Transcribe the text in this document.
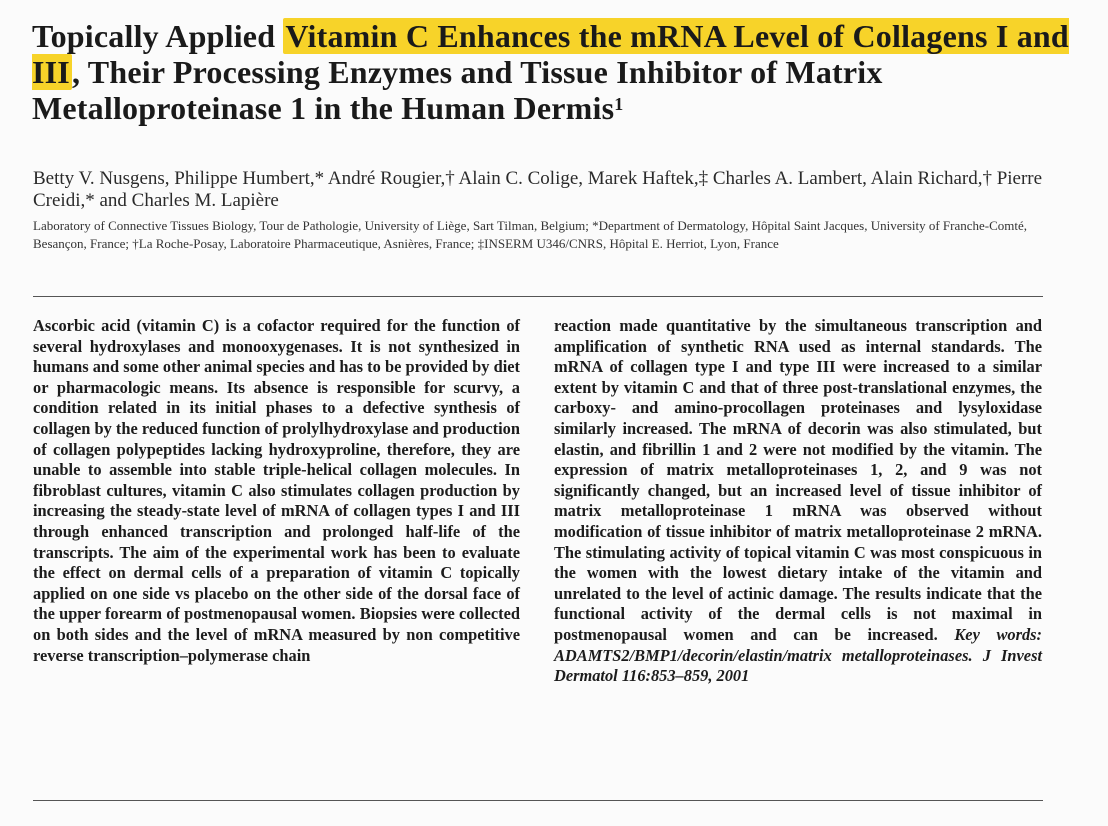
Topically Applied Vitamin C Enhances the mRNA Level of Collagens I and III, Their Processing Enzymes and Tissue Inhibitor of Matrix Metalloproteinase 1 in the Human Dermis$^1$

Betty V. Nusgens, Philippe Humbert,* André Rougier,† Alain C. Colige, Marek Haftek,‡ Charles A. Lambert, Alain Richard,† Pierre Creidi,* and Charles M. Lapière

Laboratory of Connective Tissues Biology, Tour de Pathologie, University of Liège, Sart Tilman, Belgium; *Department of Dermatology, Hôpital Saint Jacques, University of Franche-Comté, Besançon, France; †La Roche-Posay, Laboratoire Pharmaceutique, Asnières, France; ‡INSERM U346/CNRS, Hôpital E. Herriot, Lyon, France

Ascorbic acid (vitamin C) is a cofactor required for the function of several hydroxylases and monooxygenases. It is not synthesized in humans and some other animal species and has to be provided by diet or pharmacologic means. Its absence is responsible for scurvy, a condition related in its initial phases to a defective synthesis of collagen by the reduced function of prolylhydroxylase and production of collagen polypeptides lacking hydroxyproline, therefore, they are unable to assemble into stable triple-helical collagen molecules. In fibroblast cultures, vitamin C also stimulates collagen production by increasing the steady-state level of mRNA of collagen types I and III through enhanced transcription and prolonged half-life of the transcripts. The aim of the experimental work has been to evaluate the effect on dermal cells of a preparation of vitamin C topically applied on one side vs placebo on the other side of the dorsal face of the upper forearm of postmenopausal women. Biopsies were collected on both sides and the level of mRNA measured by non competitive reverse transcription–polymerase chain

reaction made quantitative by the simultaneous transcription and amplification of synthetic RNA used as internal standards. The mRNA of collagen type I and type III were increased to a similar extent by vitamin C and that of three post-translational enzymes, the carboxy- and amino-procollagen proteinases and lysyloxidase similarly increased. The mRNA of decorin was also stimulated, but elastin, and fibrillin 1 and 2 were not modified by the vitamin. The expression of matrix metalloproteinases 1, 2, and 9 was not significantly changed, but an increased level of tissue inhibitor of matrix metalloproteinase 1 mRNA was observed without modification of tissue inhibitor of matrix metalloproteinase 2 mRNA. The stimulating activity of topical vitamin C was most conspicuous in the women with the lowest dietary intake of the vitamin and unrelated to the level of actinic damage. The results indicate that the functional activity of the dermal cells is not maximal in postmenopausal women and can be increased. Key words: ADAMTS2/BMP1/decorin/elastin/matrix metalloproteinases. J Invest Dermatol 116:853–859, 2001
